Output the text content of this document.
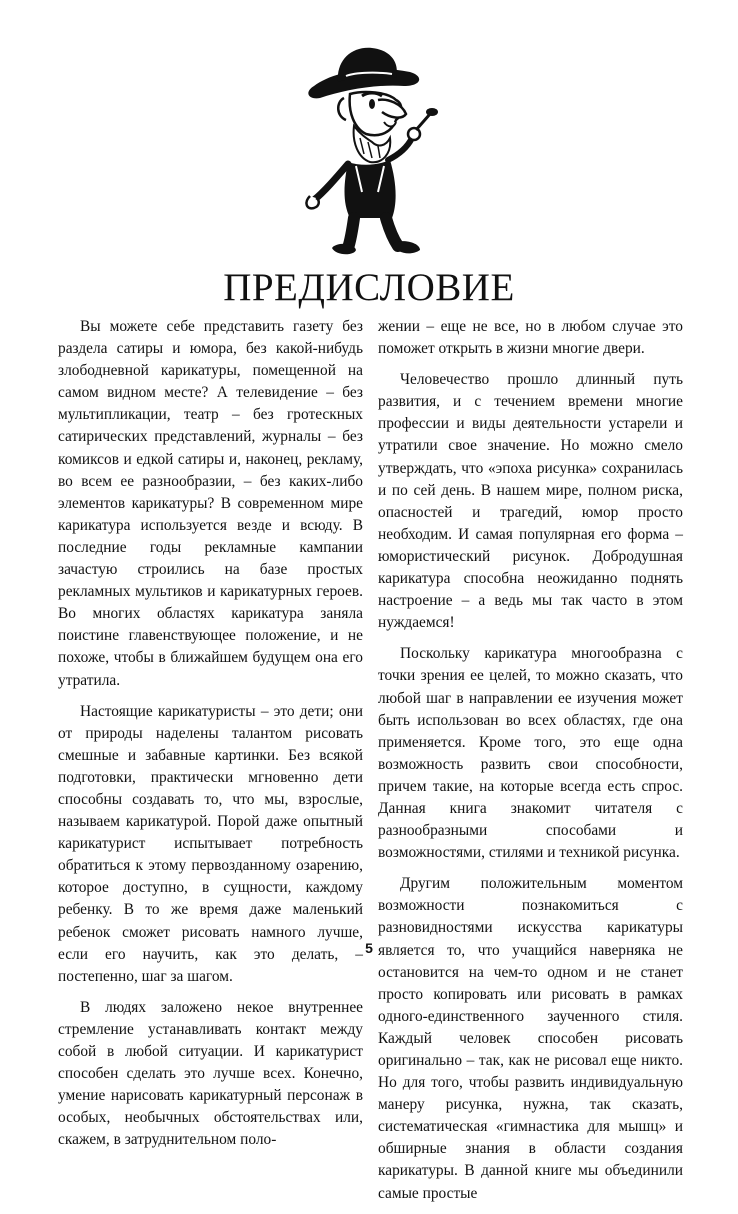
ПРЕДИСЛОВИЕ

Вы можете себе представить газету без раздела сатиры и юмора, без какой-нибудь злободневной карикатуры, помещенной на самом видном месте? А телевидение – без мультипликации, театр – без гротескных сатирических представлений, журналы – без комиксов и едкой сатиры и, наконец, рекламу, во всем ее разнообразии, – без каких-либо элементов карикатуры? В современном мире карикатура используется везде и всюду. В последние годы рекламные кампании зачастую строились на базе простых рекламных мультиков и карикатурных героев. Во многих областях карикатура заняла поистине главенствующее положение, и не похоже, чтобы в ближайшем будущем она его утратила.

Настоящие карикатуристы – это дети; они от природы наделены талантом рисовать смешные и забавные картинки. Без всякой подготовки, практически мгновенно дети способны создавать то, что мы, взрослые, называем карикатурой. Порой даже опытный карикатурист испытывает потребность обратиться к этому первозданному озарению, которое доступно, в сущности, каждому ребенку. В то же время даже маленький ребенок сможет рисовать намного лучше, если его научить, как это делать, – постепенно, шаг за шагом.

В людях заложено некое внутреннее стремление устанавливать контакт между собой в любой ситуации. И карикатурист способен сделать это лучше всех. Конечно, умение нарисовать карикатурный персонаж в особых, необычных обстоятельствах или, скажем, в затруднительном поло-

жении – еще не все, но в любом случае это поможет открыть в жизни многие двери.

Человечество прошло длинный путь развития, и с течением времени многие профессии и виды деятельности устарели и утратили свое значение. Но можно смело утверждать, что «эпоха рисунка» сохранилась и по сей день. В нашем мире, полном риска, опасностей и трагедий, юмор просто необходим. И самая популярная его форма – юмористический рисунок. Добродушная карикатура способна неожиданно поднять настроение – а ведь мы так часто в этом нуждаемся!

Поскольку карикатура многообразна с точки зрения ее целей, то можно сказать, что любой шаг в направлении ее изучения может быть использован во всех областях, где она применяется. Кроме того, это еще одна возможность развить свои способности, причем такие, на которые всегда есть спрос. Данная книга знакомит читателя с разнообразными способами и возможностями, стилями и техникой рисунка.

Другим положительным моментом возможности познакомиться с разновидностями искусства карикатуры является то, что учащийся наверняка не остановится на чем-то одном и не станет просто копировать или рисовать в рамках одного-единственного заученного стиля. Каждый человек способен рисовать оригинально – так, как не рисовал еще никто. Но для того, чтобы развить индивидуальную манеру рисунка, нужна, так сказать, систематическая «гимнастика для мышц» и обширные знания в области создания карикатуры. В данной книге мы объединили самые простые

5
